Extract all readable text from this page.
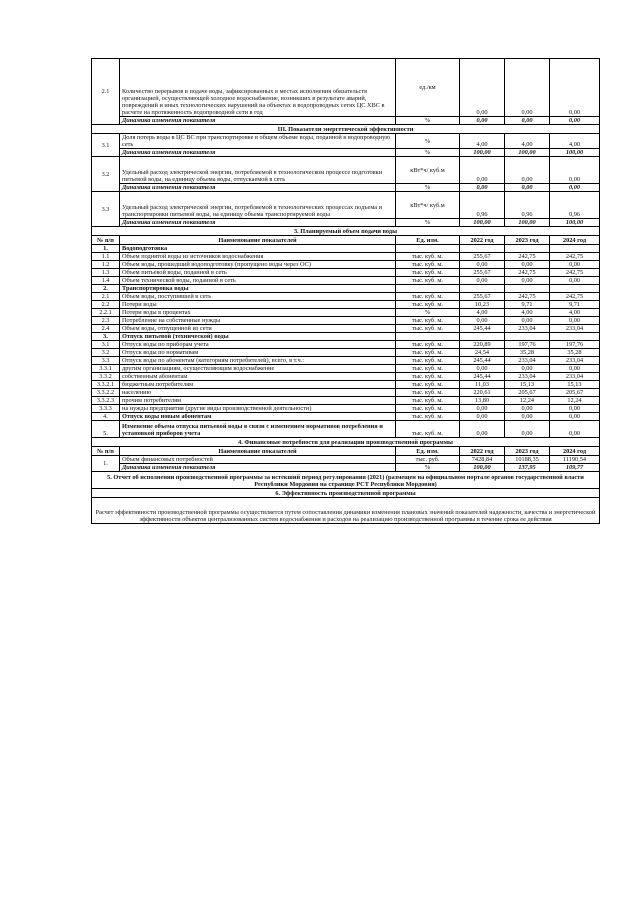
2.1	Количество перерывов в подаче воды, зафиксированных в местах исполнения обязательств организацией, осуществляющей холодное водоснабжение, возникших в результате аварий, повреждений и иных технологических нарушений на объектах и водопроводных сетях ЦС ХВС в расчете на протяженность водопроводной сети в год	ед./км	0,00	0,00	0,00
	Динамика изменения показателя	%	0,00	0,00	0,00
III. Показатели энергетической эффективности					
3.1	Доля потерь воды в ЦС ВС при транспортировке в общем объеме воды, поданной в водопроводную сеть	%	4,00	4,00	4,00
	Динамика изменения показателя	%	100,00	100,00	100,00
3.2	Удельный расход электрической энергии, потребляемой в технологическом процессе подготовки питьевой воды, на единицу объема воды, отпускаемой в сеть	кВт*ч/ куб.м	0,00	0,00	0,00
	Динамика изменения показателя	%	0,00	0,00	0,00
3.3	Удельный расход электрической энергии, потребляемой в технологических процессах подъема и транспортировки питьевой воды, на единицу объема транспортируемой воды	кВт*ч/ куб.м	0,96	0,96	0,96
	Динамика изменения показателя	%	100,00	100,00	100,00
3. Планируемый объем подачи воды					
№ п/п	Наименование показателей	Ед. изм.	2022 год	2023 год	2024 год
1.	Водоподготовка				
1.1	Объем поднятой воды из источников водоснабжения	тыс. куб. м.	255,67	242,75	242,75
1.2	Объем воды, прошедший водоподготовку (пропущено воды через ОС)	тыс. куб. м.	0,00	0,00	0,00
1.3	Объем питьевой воды, поданной в сеть	тыс. куб. м.	255,67	242,75	242,75
1.4	Объем технической воды, поданной в сеть	тыс. куб. м.	0,00	0,00	0,00
2.	Транспортировка воды				
2.1	Объем воды, поступившей в сеть	тыс. куб. м.	255,67	242,75	242,75
2.2	Потери воды	тыс. куб. м.	10,23	9,71	9,71
2.2.1	Потери воды в процентах	%	4,00	4,00	4,00
2.3	Потребление на собственные нужды	тыс. куб. м.	0,00	0,00	0,00
2.4	Объем воды, отпущенной из сети	тыс. куб. м.	245,44	233,04	233,04
3.	Отпуск питьевой (технической) воды				
3.1	Отпуск воды по приборам учета	тыс. куб. м.	220,89	197,76	197,76
3.2	Отпуск воды по нормативам	тыс. куб. м.	24,54	35,28	35,28
3.3	Отпуск воды по абонентам (категориям потребителей), всего, в т.ч.:	тыс. куб. м.	245,44	233,04	233,04
3.3.1	другим организациям, осуществляющим водоснабжение	тыс. куб. м.	0,00	0,00	0,00
3.3.2	собственным абонентам	тыс. куб. м.	245,44	233,04	233,04
3.3.2.1	бюджетным потребителям	тыс. куб. м.	11,03	15,13	15,13
3.3.2.2	населению	тыс. куб. м.	220,61	205,67	205,67
3.3.2.3	прочим потребителям	тыс. куб. м.	13,80	12,24	12,24
3.3.3	на нужды предприятия (другие виды производственной деятельности)	тыс. куб. м.	0,00	0,00	0,00
4.	Отпуск воды новым абонентам	тыс. куб. м.	0,00	0,00	0,00
5.	Изменение объема отпуска питьевой воды в связи с изменением нормативов потребления и установкой приборов учета	тыс. куб. м.	0,00	0,00	0,00
4. Финансовые потребности для реализации производственной программы					
№ п/п	Наименование показателей	Ед. изм.	2022 год	2023 год	2024 год
1.	Объем финансовых потребностей	тыс. руб.	7428,84	10188,35	11190,54
	Динамика изменения показателя	%	100,00	137,95	109,77
5. Отчет об исполнении производственной программы за истекший период регулирования (2021) (размещен на официальном портале органов государственной власти Республики Мордовия на странице РСТ Республики Мордовия)					
6. Эффективность производственной программы					
Расчет эффективности производственной программы осуществляется путем сопоставления динамики изменения плановых значений показателей надежности, качества и энергетической эффективности объектов централизованных систем водоснабжения и расходов на реализацию производственной программы в течение срока ее действия					
